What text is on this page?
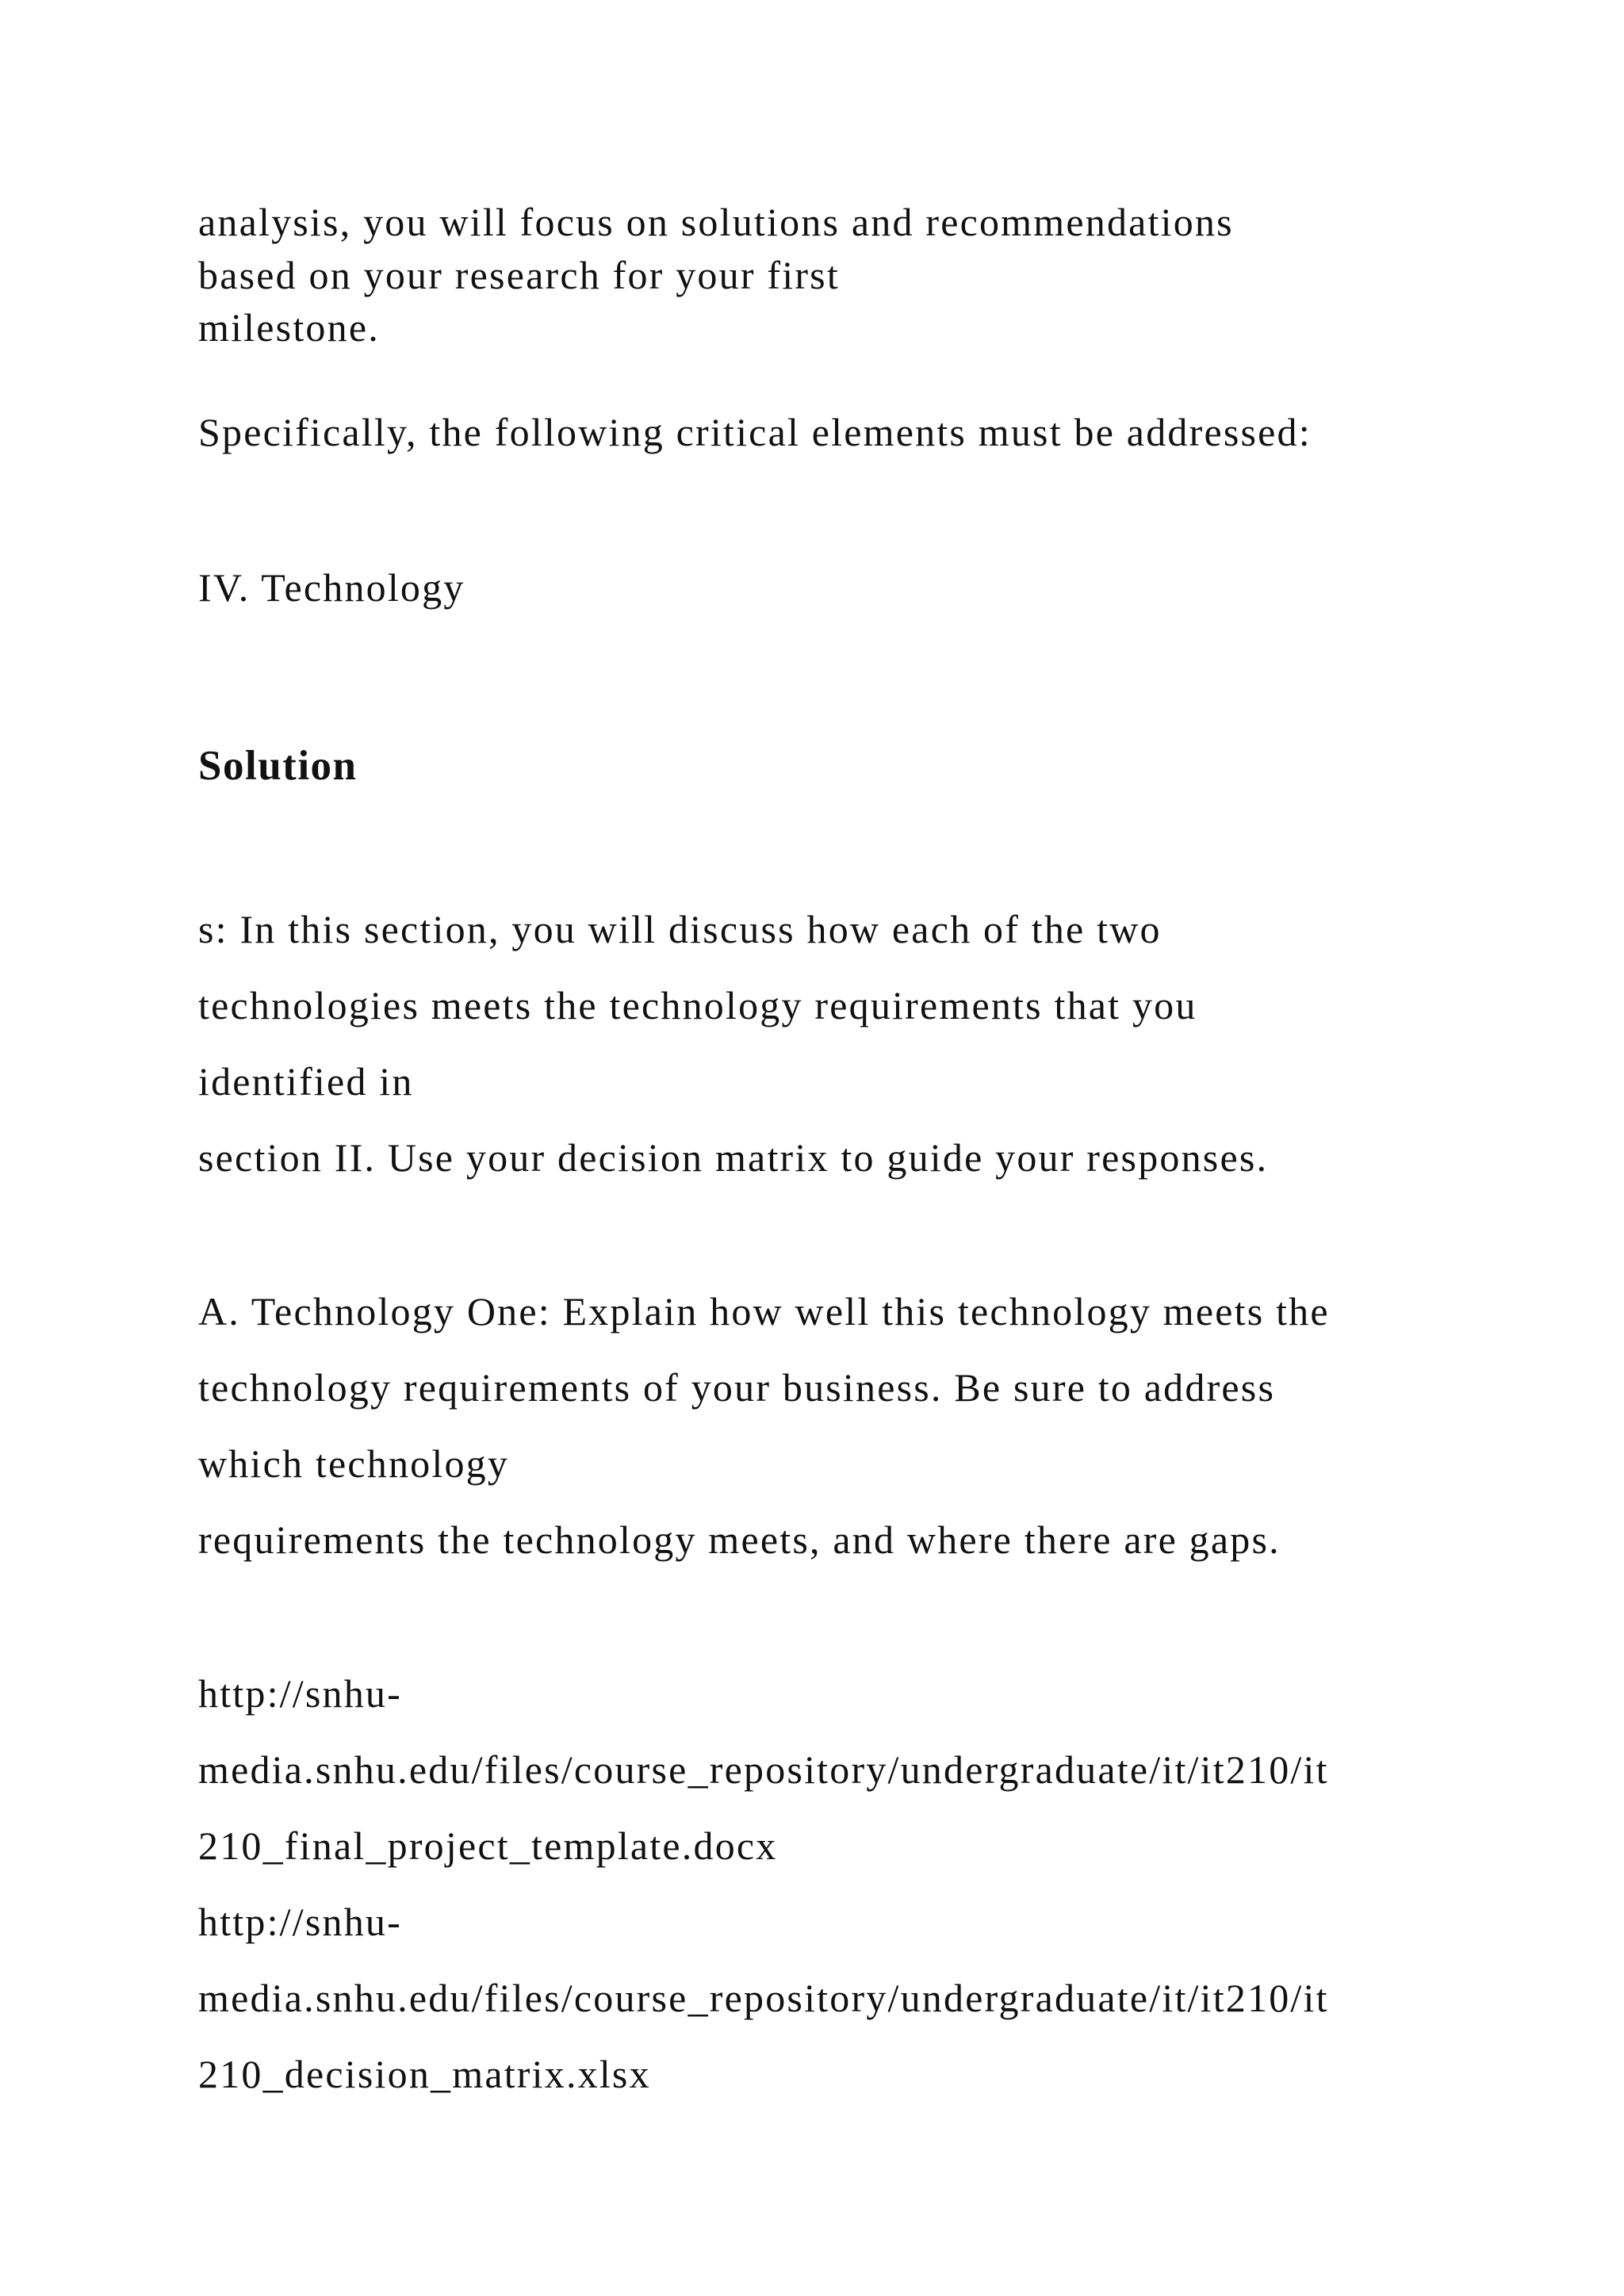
analysis, you will focus on solutions and recommendations
based on your research for your first
milestone.
Specifically, the following critical elements must be addressed:
IV. Technology
Solution
s: In this section, you will discuss how each of the two
technologies meets the technology requirements that you
identified in
section II. Use your decision matrix to guide your responses.
A. Technology One: Explain how well this technology meets the
technology requirements of your business. Be sure to address
which technology
requirements the technology meets, and where there are gaps.
http://snhu-
media.snhu.edu/files/course_repository/undergraduate/it/it210/it
210_final_project_template.docx
http://snhu-
media.snhu.edu/files/course_repository/undergraduate/it/it210/it
210_decision_matrix.xlsx
